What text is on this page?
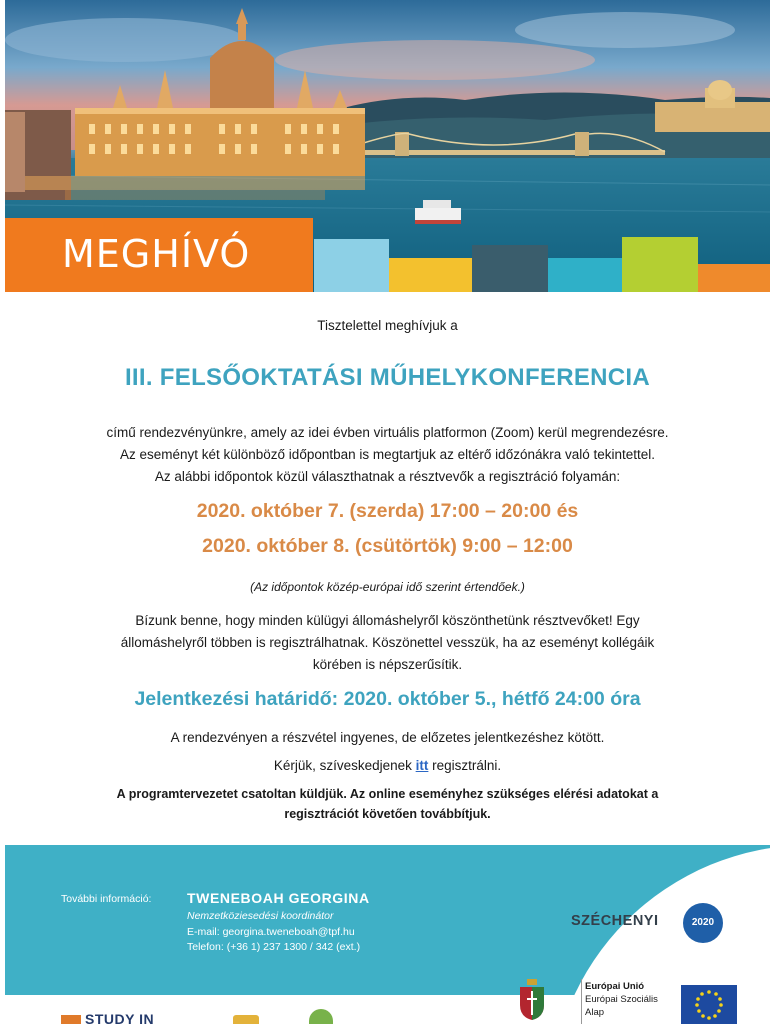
MEGHÍVÓ
Tisztelettel meghívjuk a
III. FELSŐOKTATÁSI MŰHELYKONFERENCIA
című rendezvényünkre, amely az idei évben virtuális platformon (Zoom) kerül megrendezésre.
Az eseményt két különböző időpontban is megtartjuk az eltérő időzónákra való tekintettel.
Az alábbi időpontok közül választhatnak a résztvevők a regisztráció folyamán:
2020. október 7. (szerda) 17:00 – 20:00 és
2020. október 8. (csütörtök) 9:00 – 12:00
(Az időpontok közép-európai idő szerint értendőek.)
Bízunk benne, hogy minden külügyi állomáshelyről köszönthetünk résztvevőket! Egy
állomáshelyről többen is regisztrálhatnak. Köszönettel vesszük, ha az eseményt kollégáik
körében is népszerűsítik.
Jelentkezési határidő: 2020. október 5., hétfő 24:00 óra
A rendezvényen a részvétel ingyenes, de előzetes jelentkezéshez kötött.
Kérjük, szíveskedjenek itt regisztrálni.
A programtervezetet csatoltan küldjük. Az online eseményhez szükséges elérési adatokat a
regisztrációt követően továbbítjuk.
További információ:	TWENEBOAH GEORGINA
Nemzetköziesedési koordinátor
E-mail: georgina.tweneboah@tpf.hu
Telefon: (+36 1) 237 1300 / 342 (ext.)
SZÉCHENYI	2020
Európai Unió
Európai Szociális
Alap
STUDY IN
